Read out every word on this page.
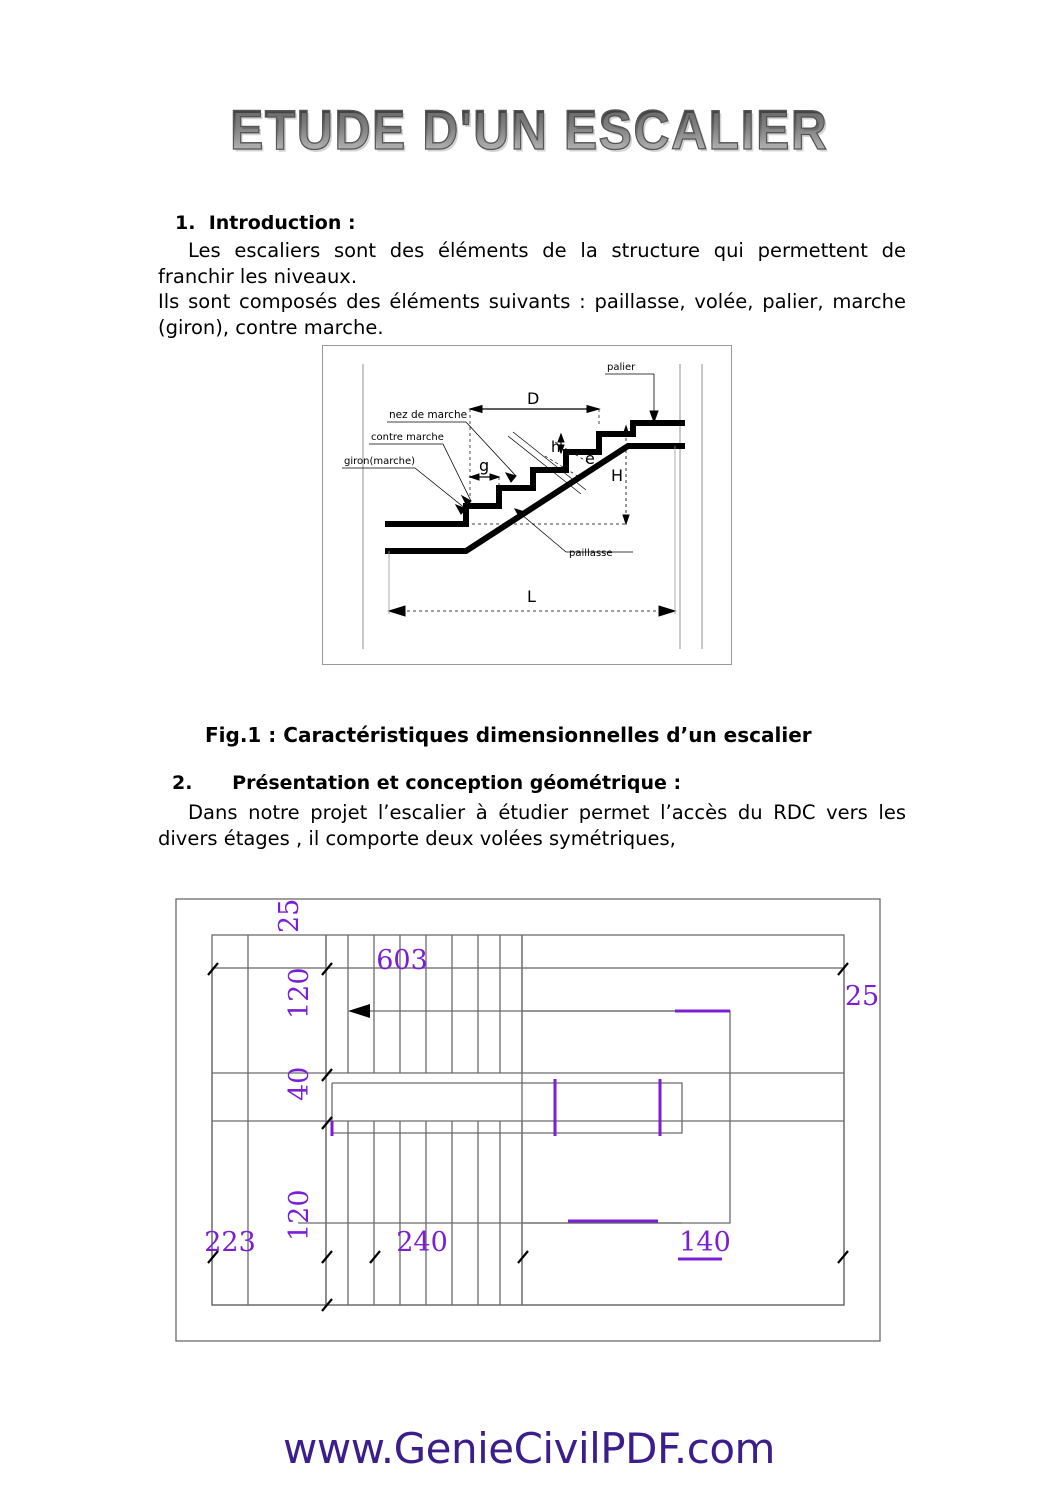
ETUDE D'UN ESCALIER
1. Introduction :
Les escaliers sont des éléments de la structure qui permettent de franchir les niveaux.
Ils sont composés des éléments suivants : paillasse, volée, palier, marche (giron), contre marche.
nez de marche
contre marche
giron(marche)
palier
paillasse
D
g
h
e
H
L
Fig.1 : Caractéristiques dimensionnelles d’un escalier
2. Présentation et conception géométrique :
Dans notre projet l’escalier à étudier permet l’accès du RDC vers les divers étages , il comporte deux volées symétriques,
25
120
40
120
603
25
223	240	140
www.GenieCivilPDF.com
